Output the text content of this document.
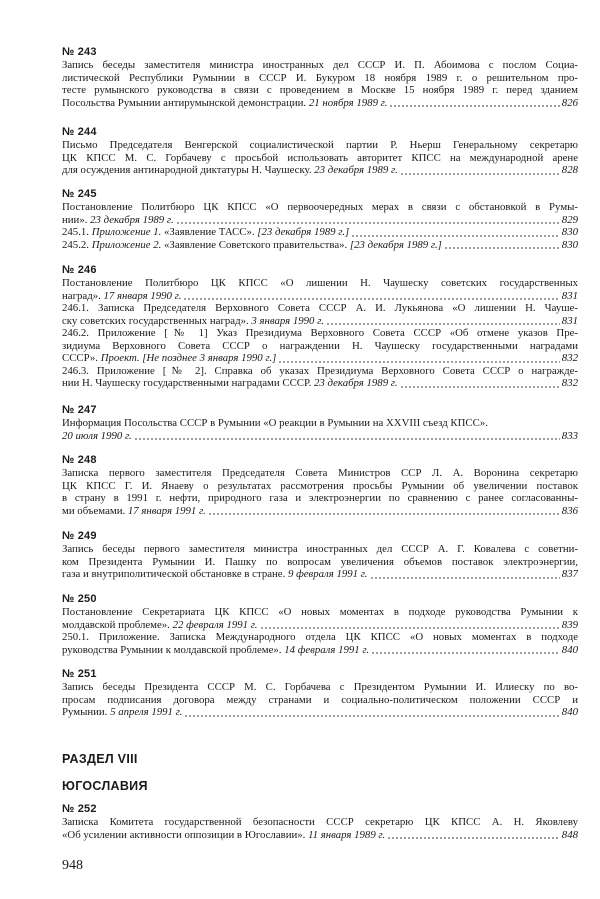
№ 243
Запись беседы заместителя министра иностранных дел СССР И. П. Абоимова с послом Социа-
листической Республики Румынии в СССР И. Букуром 18 ноября 1989 г. о решительном про-
тесте румынского руководства в связи с проведением в Москве 15 ноября 1989 г. перед зданием
Посольства Румынии антирумынской демонстрации. 21 ноября 1989 г.	826
№ 244
Письмо Председателя Венгерской социалистической партии Р. Ньерш Генеральному секретарю
ЦК КПСС М. С. Горбачеву с просьбой использовать авторитет КПСС на международной арене
для осуждения антинародной диктатуры Н. Чаушеску. 23 декабря 1989 г.	828
№ 245
Постановление Политбюро ЦК КПСС «О первоочередных мерах в связи с обстановкой в Румы-
нии». 23 декабря 1989 г.	829
245.1. Приложение 1. «Заявление ТАСС». [23 декабря 1989 г.]	830
245.2. Приложение 2. «Заявление Советского правительства». [23 декабря 1989 г.]	830
№ 246
Постановление Политбюро ЦК КПСС «О лишении Н. Чаушеску советских государственных
наград». 17 января 1990 г.	831
246.1. Записка Председателя Верховного Совета СССР А. И. Лукьянова «О лишении Н. Чауше-
ску советских государственных наград». 3 января 1990 г.	831
246.2. Приложение [№ 1] Указ Президиума Верховного Совета СССР «Об отмене указов Пре-
зидиума Верховного Совета СССР о награждении Н. Чаушеску государственными наградами
СССР». Проект. [Не позднее 3 января 1990 г.]	832
246.3. Приложение [№ 2]. Справка об указах Президиума Верховного Совета СССР о награжде-
нии Н. Чаушеску государственными наградами СССР. 23 декабря 1989 г.	832
№ 247
Информация Посольства СССР в Румынии «О реакции в Румынии на XXVIII съезд КПСС».
20 июля 1990 г.	833
№ 248
Записка первого заместителя Председателя Совета Министров ССР Л. А. Воронина секретарю
ЦК КПСС Г. И. Янаеву о результатах рассмотрения просьбы Румынии об увеличении поставок
в страну в 1991 г. нефти, природного газа и электроэнергии по сравнению с ранее согласованны-
ми объемами. 17 января 1991 г.	836
№ 249
Запись беседы первого заместителя министра иностранных дел СССР А. Г. Ковалева с советни-
ком Президента Румынии И. Пашку по вопросам увеличения объемов поставок электроэнергии,
газа и внутриполитической обстановке в стране. 9 февраля 1991 г.	837
№ 250
Постановление Секретариата ЦК КПСС «О новых моментах в подходе руководства Румынии к
молдавской проблеме». 22 февраля 1991 г.	839
250.1. Приложение. Записка Международного отдела ЦК КПСС «О новых моментах в подходе
руководства Румынии к молдавской проблеме». 14 февраля 1991 г.	840
№ 251
Запись беседы Президента СССР М. С. Горбачева с Президентом Румынии И. Илиеску по во-
просам подписания договора между странами и социально-политическом положении СССР и
Румынии. 5 апреля 1991 г.	840
РАЗДЕЛ VIII
ЮГОСЛАВИЯ
№ 252
Записка Комитета государственной безопасности СССР секретарю ЦК КПСС А. Н. Яковлеву
«Об усилении активности оппозиции в Югославии». 11 января 1989 г.	848
948
